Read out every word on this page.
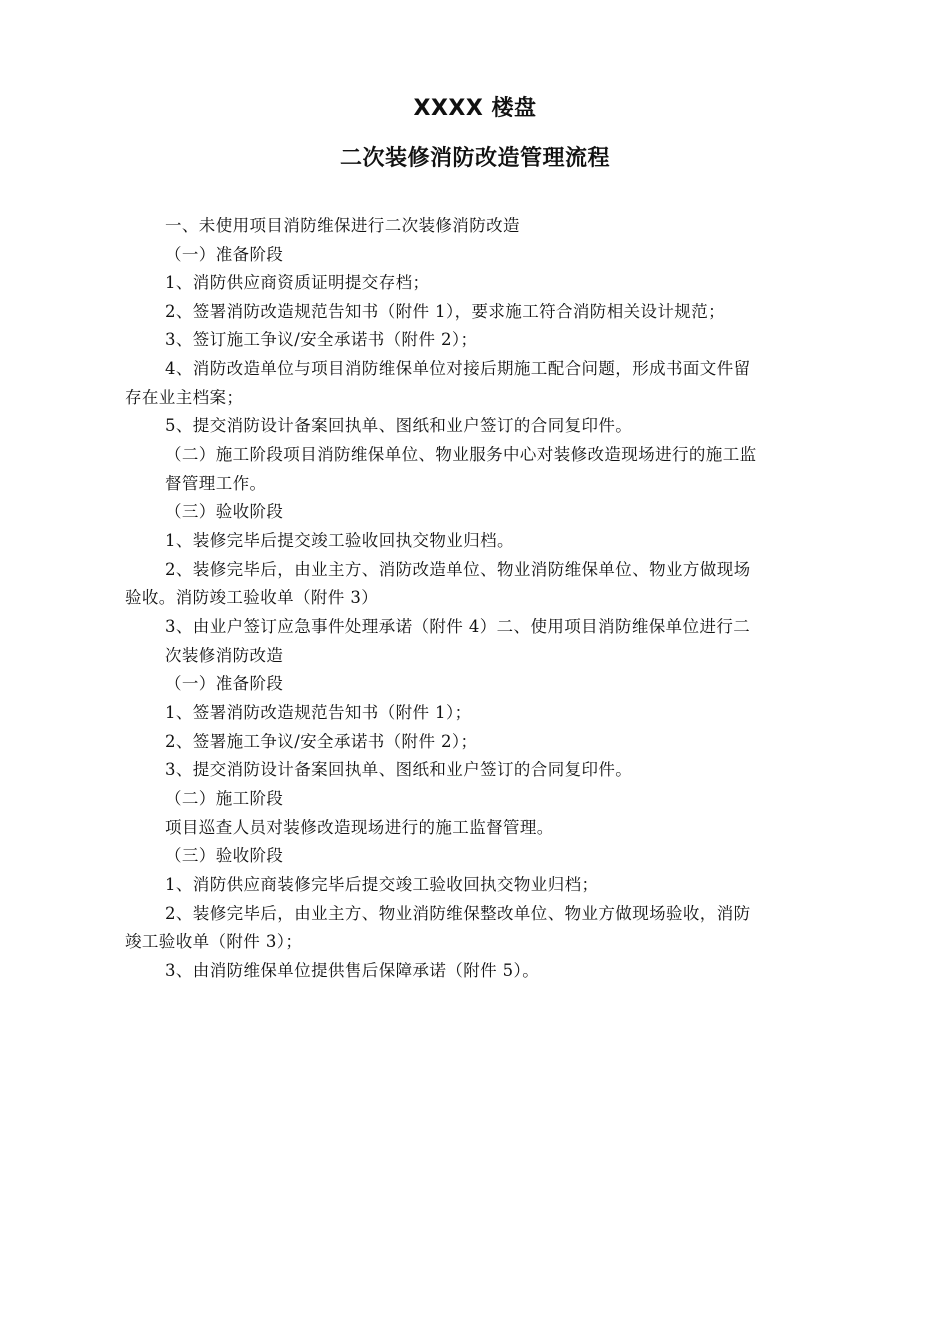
XXXX 楼盘
二次装修消防改造管理流程
一、未使用项目消防维保进行二次装修消防改造
（一）准备阶段
1、消防供应商资质证明提交存档；
2、签署消防改造规范告知书（附件 1），要求施工符合消防相关设计规范；
3、签订施工争议/安全承诺书（附件 2）；
4、消防改造单位与项目消防维保单位对接后期施工配合问题，形成书面文件留
存在业主档案；
5、提交消防设计备案回执单、图纸和业户签订的合同复印件。
（二）施工阶段项目消防维保单位、物业服务中心对装修改造现场进行的施工监
督管理工作。
（三）验收阶段
1、装修完毕后提交竣工验收回执交物业归档。
2、装修完毕后，由业主方、消防改造单位、物业消防维保单位、物业方做现场
验收。消防竣工验收单（附件 3）
3、由业户签订应急事件处理承诺（附件 4）二、使用项目消防维保单位进行二
次装修消防改造
（一）准备阶段
1、签署消防改造规范告知书（附件 1）；
2、签署施工争议/安全承诺书（附件 2）；
3、提交消防设计备案回执单、图纸和业户签订的合同复印件。
（二）施工阶段
项目巡查人员对装修改造现场进行的施工监督管理。
（三）验收阶段
1、消防供应商装修完毕后提交竣工验收回执交物业归档；
2、装修完毕后，由业主方、物业消防维保整改单位、物业方做现场验收，消防
竣工验收单（附件 3）；
3、由消防维保单位提供售后保障承诺（附件 5）。
